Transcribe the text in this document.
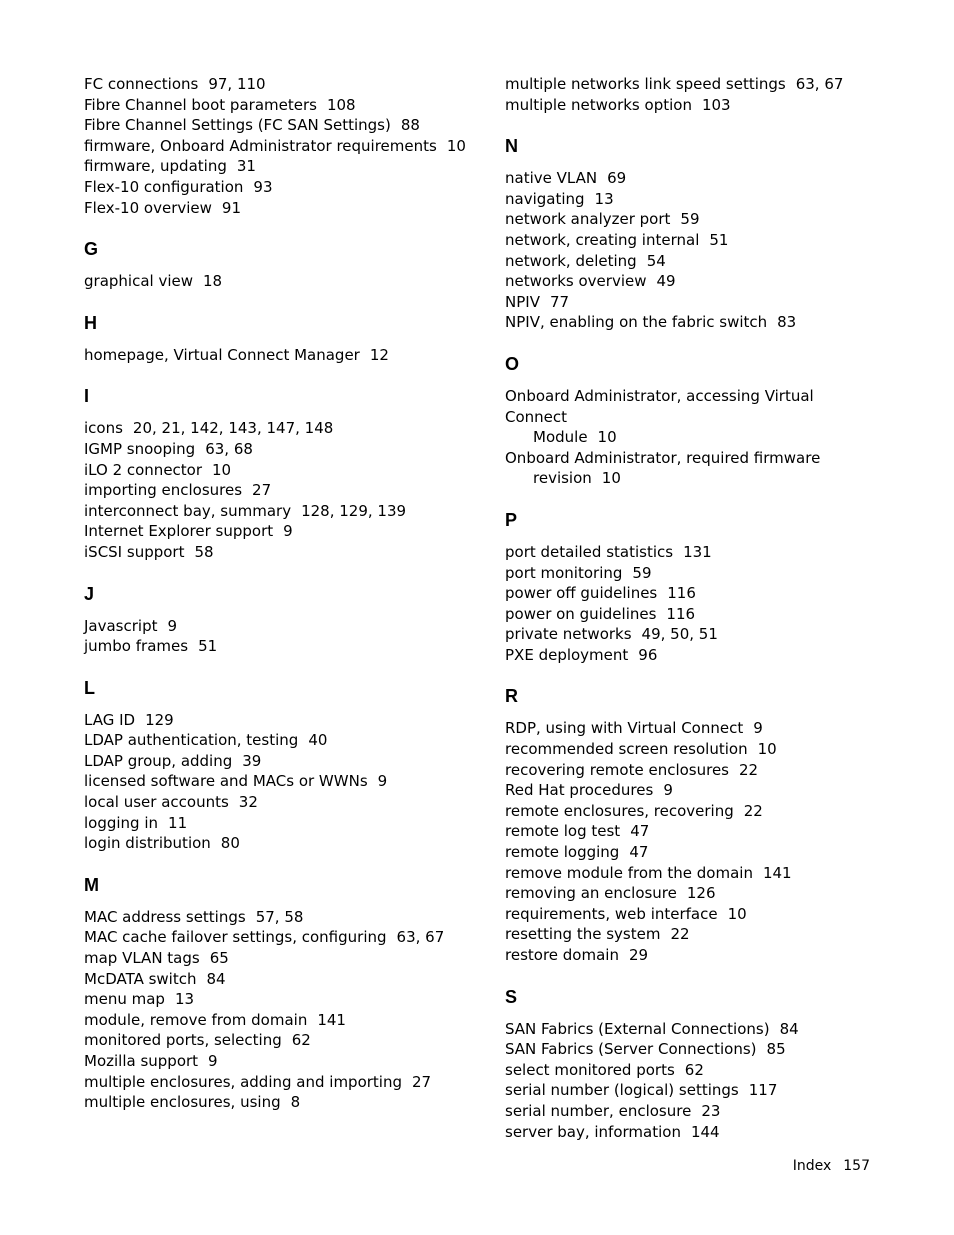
FC connections 97, 110
Fibre Channel boot parameters 108
Fibre Channel Settings (FC SAN Settings) 88
firmware, Onboard Administrator requirements 10
firmware, updating 31
Flex-10 configuration 93
Flex-10 overview 91
G
graphical view 18
H
homepage, Virtual Connect Manager 12
I
icons 20, 21, 142, 143, 147, 148
IGMP snooping 63, 68
iLO 2 connector 10
importing enclosures 27
interconnect bay, summary 128, 129, 139
Internet Explorer support 9
iSCSI support 58
J
Javascript 9
jumbo frames 51
L
LAG ID 129
LDAP authentication, testing 40
LDAP group, adding 39
licensed software and MACs or WWNs 9
local user accounts 32
logging in 11
login distribution 80
M
MAC address settings 57, 58
MAC cache failover settings, configuring 63, 67
map VLAN tags 65
McDATA switch 84
menu map 13
module, remove from domain 141
monitored ports, selecting 62
Mozilla support 9
multiple enclosures, adding and importing 27
multiple enclosures, using 8
multiple networks link speed settings 63, 67
multiple networks option 103
N
native VLAN 69
navigating 13
network analyzer port 59
network, creating internal 51
network, deleting 54
networks overview 49
NPIV 77
NPIV, enabling on the fabric switch 83
O
Onboard Administrator, accessing Virtual Connect
Module 10
Onboard Administrator, required firmware
revision 10
P
port detailed statistics 131
port monitoring 59
power off guidelines 116
power on guidelines 116
private networks 49, 50, 51
PXE deployment 96
R
RDP, using with Virtual Connect 9
recommended screen resolution 10
recovering remote enclosures 22
Red Hat procedures 9
remote enclosures, recovering 22
remote log test 47
remote logging 47
remove module from the domain 141
removing an enclosure 126
requirements, web interface 10
resetting the system 22
restore domain 29
S
SAN Fabrics (External Connections) 84
SAN Fabrics (Server Connections) 85
select monitored ports 62
serial number (logical) settings 117
serial number, enclosure 23
server bay, information 144
Index 157
